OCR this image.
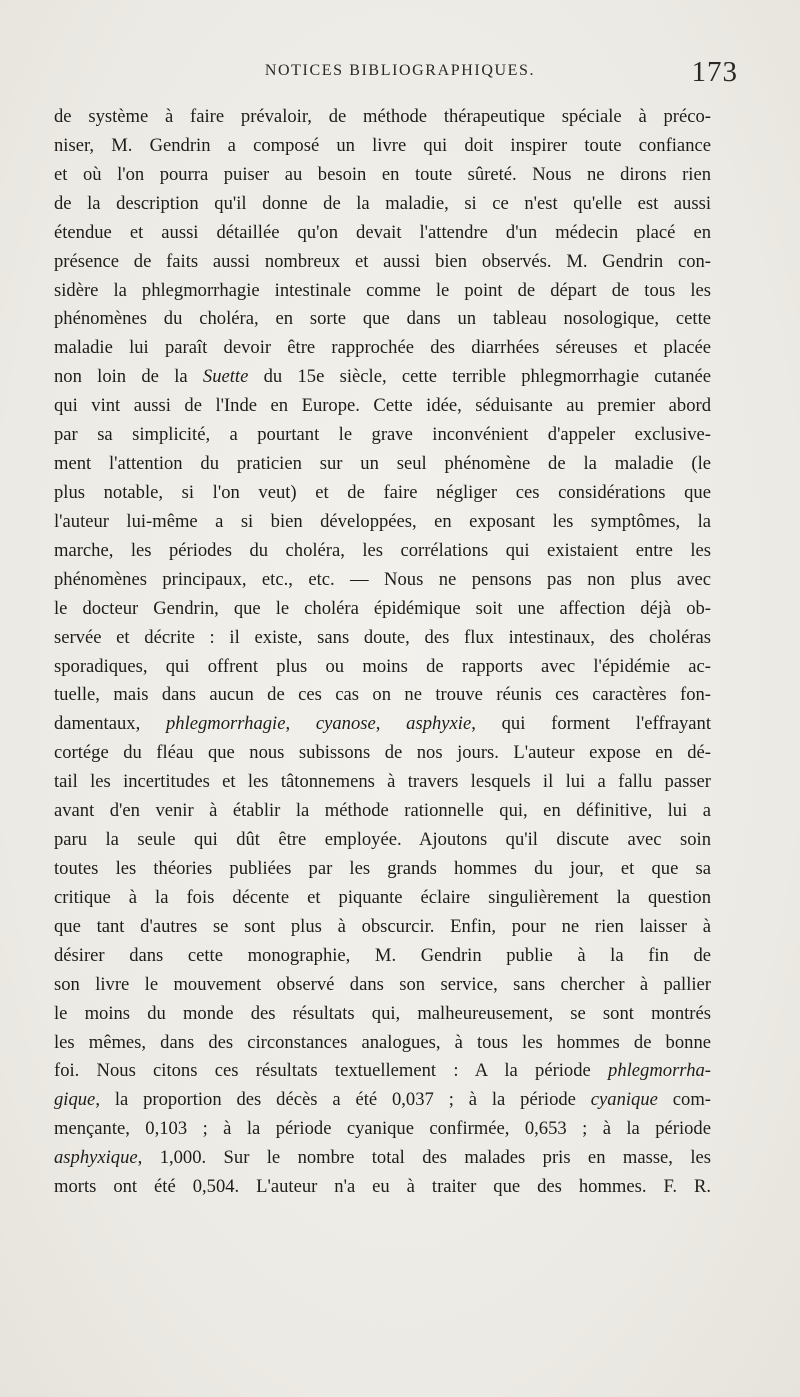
NOTICES BIBLIOGRAPHIQUES.	173
de système à faire prévaloir, de méthode thérapeutique spéciale à préco-
niser, M. Gendrin a composé un livre qui doit inspirer toute confiance
et où l'on pourra puiser au besoin en toute sûreté. Nous ne dirons rien
de la description qu'il donne de la maladie, si ce n'est qu'elle est aussi
étendue et aussi détaillée qu'on devait l'attendre d'un médecin placé en
présence de faits aussi nombreux et aussi bien observés. M. Gendrin con-
sidère la phlegmorrhagie intestinale comme le point de départ de tous les
phénomènes du choléra, en sorte que dans un tableau nosologique, cette
maladie lui paraît devoir être rapprochée des diarrhées séreuses et placée
non loin de la Suette du 15e siècle, cette terrible phlegmorrhagie cutanée
qui vint aussi de l'Inde en Europe. Cette idée, séduisante au premier abord
par sa simplicité, a pourtant le grave inconvénient d'appeler exclusive-
ment l'attention du praticien sur un seul phénomène de la maladie (le
plus notable, si l'on veut) et de faire négliger ces considérations que
l'auteur lui-même a si bien développées, en exposant les symptômes, la
marche, les périodes du choléra, les corrélations qui existaient entre les
phénomènes principaux, etc., etc. — Nous ne pensons pas non plus avec
le docteur Gendrin, que le choléra épidémique soit une affection déjà ob-
servée et décrite : il existe, sans doute, des flux intestinaux, des choléras
sporadiques, qui offrent plus ou moins de rapports avec l'épidémie ac-
tuelle, mais dans aucun de ces cas on ne trouve réunis ces caractères fon-
damentaux, phlegmorrhagie, cyanose, asphyxie, qui forment l'effrayant
cortége du fléau que nous subissons de nos jours. L'auteur expose en dé-
tail les incertitudes et les tâtonnemens à travers lesquels il lui a fallu passer
avant d'en venir à établir la méthode rationnelle qui, en définitive, lui a
paru la seule qui dût être employée. Ajoutons qu'il discute avec soin
toutes les théories publiées par les grands hommes du jour, et que sa
critique à la fois décente et piquante éclaire singulièrement la question
que tant d'autres se sont plus à obscurcir. Enfin, pour ne rien laisser à
désirer dans cette monographie, M. Gendrin publie à la fin de
son livre le mouvement observé dans son service, sans chercher à pallier
le moins du monde des résultats qui, malheureusement, se sont montrés
les mêmes, dans des circonstances analogues, à tous les hommes de bonne
foi. Nous citons ces résultats textuellement : A la période phlegmorrha-
gique, la proportion des décès a été 0,037 ; à la période cyanique com-
mençante, 0,103 ; à la période cyanique confirmée, 0,653 ; à la période
asphyxique, 1,000. Sur le nombre total des malades pris en masse, les
morts ont été 0,504. L'auteur n'a eu à traiter que des hommes. F. R.
